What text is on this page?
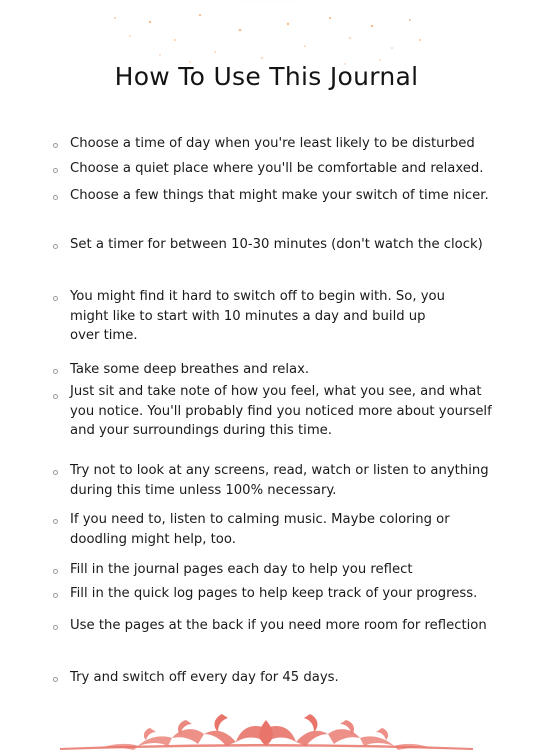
How To Use This Journal
Choose a time of day when you're least likely to be disturbed
Choose a quiet place where you'll be comfortable and relaxed.
Choose a few things that might make your switch of time nicer.
Set a timer for between 10-30 minutes (don't watch the clock)
You might find it hard to switch off to begin with. So, you might like to start with 10 minutes a day and build up over time.
Take some deep breathes and relax.
Just sit and take note of how you feel, what you see, and what you notice. You'll probably find you noticed more about yourself and your surroundings during this time.
Try not to look at any screens, read, watch or listen to anything during this time unless 100% necessary.
If you need to, listen to calming music. Maybe coloring or doodling might help, too.
Fill in the journal pages each day to help you reflect
Fill in the quick log pages to help keep track of your progress.
Use the pages at the back if you need more room for reflection
Try and switch off every day for 45 days.
